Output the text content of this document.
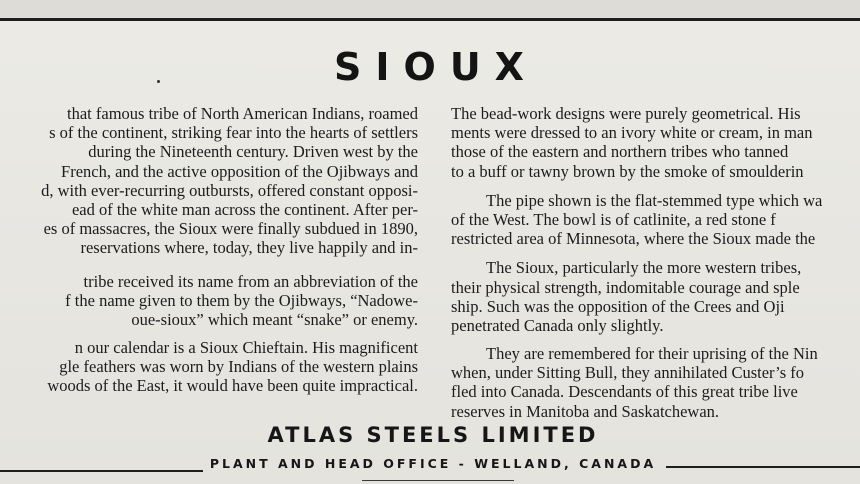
SIOUX
that famous tribe of North American Indians, roamed
s of the continent, striking fear into the hearts of settlers
during the Nineteenth century. Driven west by the
French, and the active opposition of the Ojibways and
d, with ever-recurring outbursts, offered constant opposi-
ead of the white man across the continent. After per-
es of massacres, the Sioux were finally subdued in 1890,
reservations where, today, they live happily and in-
tribe received its name from an abbreviation of the
f the name given to them by the Ojibways, “Nadowe-
oue-sioux” which meant “snake” or enemy.
n our calendar is a Sioux Chieftain. His magnificent
gle feathers was worn by Indians of the western plains
woods of the East, it would have been quite impractical.
The bead-work designs were purely geometrical. His
ments were dressed to an ivory white or cream, in man
those of the eastern and northern tribes who tanned
to a buff or tawny brown by the smoke of smoulderin
The pipe shown is the flat-stemmed type which wa
of the West. The bowl is of catlinite, a red stone f
restricted area of Minnesota, where the Sioux made the
The Sioux, particularly the more western tribes,
their physical strength, indomitable courage and sple
ship. Such was the opposition of the Crees and Oji
penetrated Canada only slightly.
They are remembered for their uprising of the Nin
when, under Sitting Bull, they annihilated Custer’s fo
fled into Canada. Descendants of this great tribe live
reserves in Manitoba and Saskatchewan.
ATLAS STEELS LIMITED
PLANT AND HEAD OFFICE - WELLAND, CANADA
